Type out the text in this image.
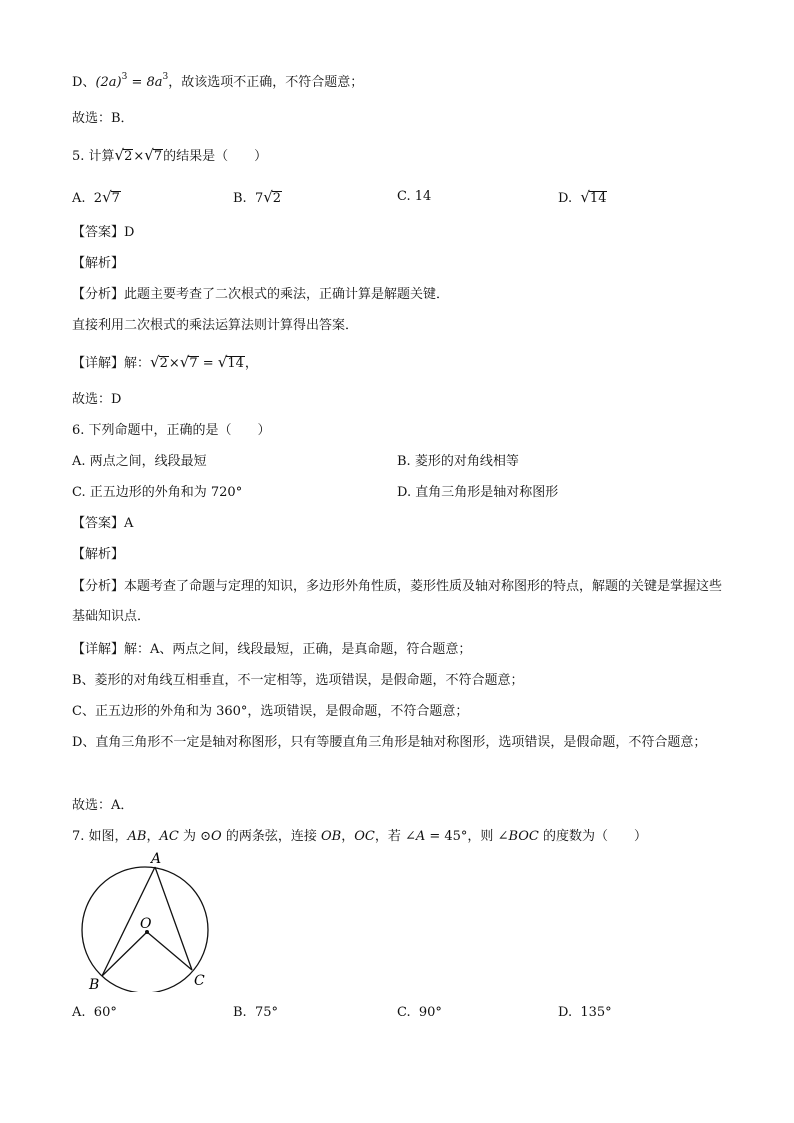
D、$(2a)^3 = 8a^3$，故该选项不正确，不符合题意；
故选：B．
5. 计算√2×√7的结果是（　　）
A. 2√7	B. 7√2	C. 14	D. √14
【答案】D
【解析】
【分析】此题主要考查了二次根式的乘法，正确计算是解题关键．
直接利用二次根式的乘法运算法则计算得出答案．
【详解】解：√2×√7 = √14，
故选：D
6. 下列命题中，正确的是（　　）
A. 两点之间，线段最短	B. 菱形的对角线相等
C. 正五边形的外角和为 720°	D. 直角三角形是轴对称图形
【答案】A
【解析】
【分析】本题考查了命题与定理的知识，多边形外角性质，菱形性质及轴对称图形的特点，解题的关键是掌握这些基础知识点．
【详解】解：A、两点之间，线段最短，正确，是真命题，符合题意；
B、菱形的对角线互相垂直，不一定相等，选项错误，是假命题，不符合题意；
C、正五边形的外角和为 360°，选项错误，是假命题，不符合题意；
D、直角三角形不一定是轴对称图形，只有等腰直角三角形是轴对称图形，选项错误，是假命题，不符合题意；
故选：A．
7. 如图，AB，AC 为 ⊙O 的两条弦，连接 OB，OC，若 ∠A = 45°，则 ∠BOC 的度数为（　　）
A
O
B	C
A. 60°	B. 75°	C. 90°	D. 135°
